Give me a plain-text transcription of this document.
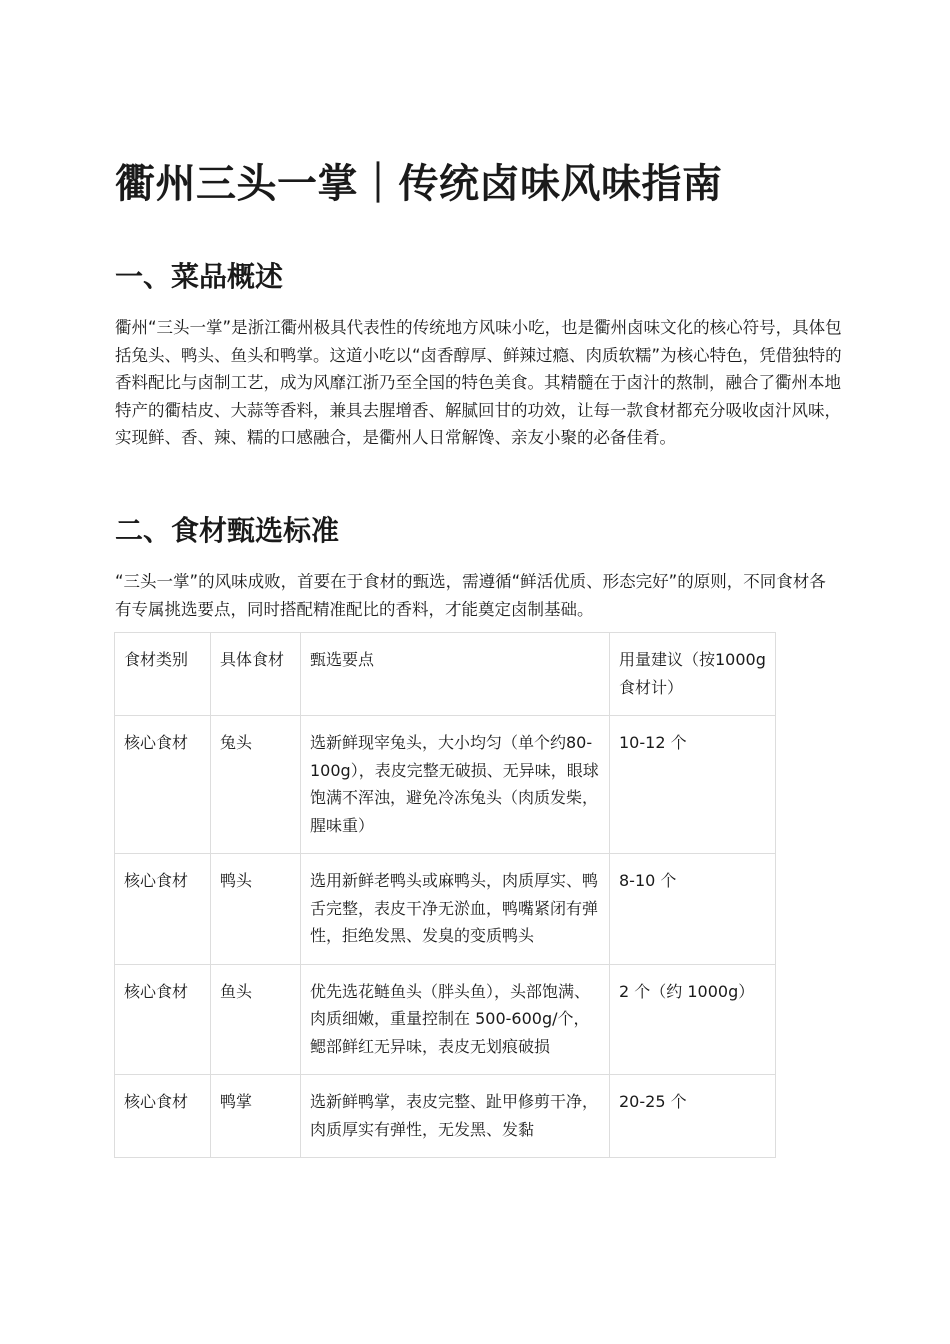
衢州三头一掌｜传统卤味风味指南
一、菜品概述

衢州“三头一掌”是浙江衢州极具代表性的传统地方风味小吃，也是衢州卤味文化的核心符号，具体包括兔头、鸭头、鱼头和鸭掌。这道小吃以“卤香醇厚、鲜辣过瘾、肉质软糯”为核心特色，凭借独特的香料配比与卤制工艺，成为风靡江浙乃至全国的特色美食。其精髓在于卤汁的熬制，融合了衢州本地特产的衢桔皮、大蒜等香料，兼具去腥增香、解腻回甘的功效，让每一款食材都充分吸收卤汁风味，实现鲜、香、辣、糯的口感融合，是衢州人日常解馋、亲友小聚的必备佳肴。

二、食材甄选标准

“三头一掌”的风味成败，首要在于食材的甄选，需遵循“鲜活优质、形态完好”的原则，不同食材各有专属挑选要点，同时搭配精准配比的香料，才能奠定卤制基础。

食材类别	具体食材	甄选要点	用量建议（按1000g 食材计）
核心食材	兔头	选新鲜现宰兔头，大小均匀（单个约80-100g），表皮完整无破损、无异味，眼球饱满不浑浊，避免冷冻兔头（肉质发柴，腥味重）	10-12 个
核心食材	鸭头	选用新鲜老鸭头或麻鸭头，肉质厚实、鸭舌完整，表皮干净无淤血，鸭嘴紧闭有弹性，拒绝发黑、发臭的变质鸭头	8-10 个
核心食材	鱼头	优先选花鲢鱼头（胖头鱼），头部饱满、肉质细嫩，重量控制在 500-600g/个，鳃部鲜红无异味，表皮无划痕破损	2 个（约 1000g）
核心食材	鸭掌	选新鲜鸭掌，表皮完整、趾甲修剪干净，肉质厚实有弹性，无发黑、发黏	20-25 个
